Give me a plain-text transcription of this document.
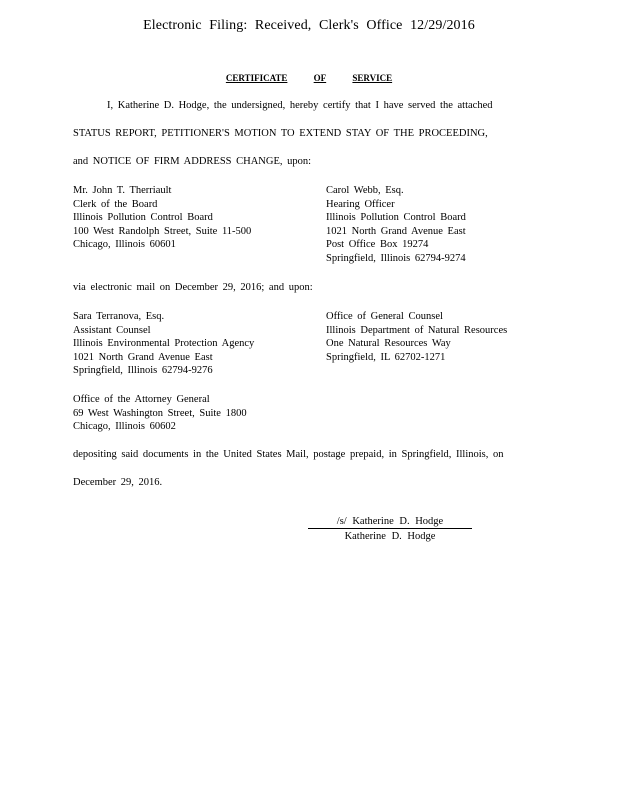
Electronic Filing: Received, Clerk's Office 12/29/2016
CERTIFICATE	OF	SERVICE
I, Katherine D. Hodge, the undersigned, hereby certify that I have served the attached
STATUS REPORT, PETITIONER'S MOTION TO EXTEND STAY OF THE PROCEEDING,
and NOTICE OF FIRM ADDRESS CHANGE, upon:
Mr. John T. Therriault
Clerk of the Board
Illinois Pollution Control Board
100 West Randolph Street, Suite 11-500
Chicago, Illinois 60601
Carol Webb, Esq.
Hearing Officer
Illinois Pollution Control Board
1021 North Grand Avenue East
Post Office Box 19274
Springfield, Illinois 62794-9274
via electronic mail on December 29, 2016; and upon:
Sara Terranova, Esq.
Assistant Counsel
Illinois Environmental Protection Agency
1021 North Grand Avenue East
Springfield, Illinois 62794-9276
Office of General Counsel
Illinois Department of Natural Resources
One Natural Resources Way
Springfield, IL 62702-1271
Office of the Attorney General
69 West Washington Street, Suite 1800
Chicago, Illinois 60602
depositing said documents in the United States Mail, postage prepaid, in Springfield, Illinois, on
December 29, 2016.
/s/ Katherine D. Hodge
Katherine D. Hodge
